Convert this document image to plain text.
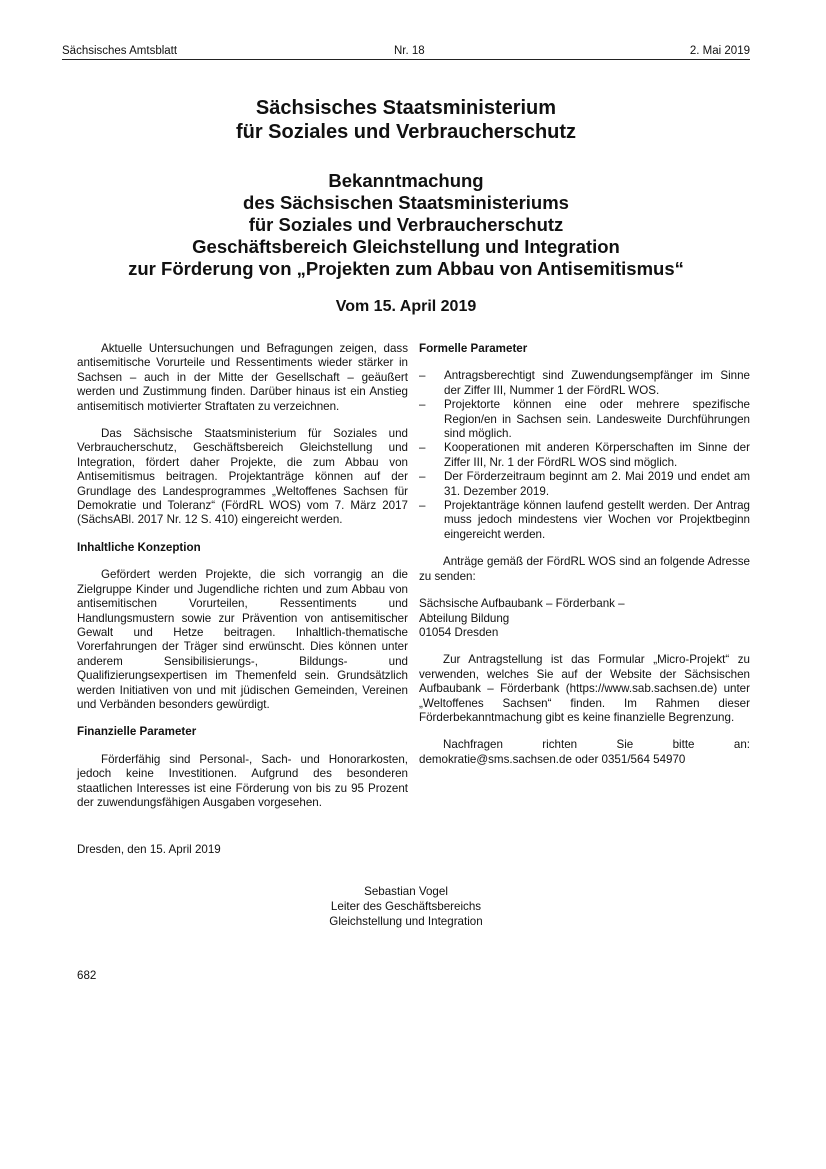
Sächsisches Amtsblatt	Nr. 18	2. Mai 2019
Sächsisches Staatsministerium
für Soziales und Verbraucherschutz
Bekanntmachung
des Sächsischen Staatsministeriums
für Soziales und Verbraucherschutz
Geschäftsbereich Gleichstellung und Integration
zur Förderung von „Projekten zum Abbau von Antisemitismus“
Vom 15. April 2019

Aktuelle Untersuchungen und Befragungen zeigen, dass antisemitische Vorurteile und Ressentiments wieder stärker in Sachsen – auch in der Mitte der Gesellschaft – geäußert werden und Zustimmung finden. Darüber hinaus ist ein Anstieg antisemitisch motivierter Straftaten zu verzeichnen.

Das Sächsische Staatsministerium für Soziales und Verbraucherschutz, Geschäftsbereich Gleichstellung und Integration, fördert daher Projekte, die zum Abbau von Antisemitismus beitragen. Projektanträge können auf der Grundlage des Landesprogrammes „Weltoffenes Sachsen für Demokratie und Toleranz“ (FördRL WOS) vom 7. März 2017 (SächsABl. 2017 Nr. 12 S. 410) eingereicht werden.

Inhaltliche Konzeption

Gefördert werden Projekte, die sich vorrangig an die Zielgruppe Kinder und Jugendliche richten und zum Abbau von antisemitischen Vorurteilen, Ressentiments und Handlungsmustern sowie zur Prävention von antisemitischer Gewalt und Hetze beitragen. Inhaltlich-thematische Vorerfahrungen der Träger sind erwünscht. Dies können unter anderem Sensibilisierungs-, Bildungs- und Qualifizierungsexpertisen im Themenfeld sein. Grundsätzlich werden Initiativen von und mit jüdischen Gemeinden, Vereinen und Verbänden besonders gewürdigt.

Finanzielle Parameter

Förderfähig sind Personal-, Sach- und Honorarkosten, jedoch keine Investitionen. Aufgrund des besonderen staatlichen Interesses ist eine Förderung von bis zu 95 Prozent der zuwendungsfähigen Ausgaben vorgesehen.

Formelle Parameter
– Antragsberechtigt sind Zuwendungsempfänger im Sinne der Ziffer III, Nummer 1 der FördRL WOS.
– Projektorte können eine oder mehrere spezifische Region/en in Sachsen sein. Landesweite Durchführungen sind möglich.
– Kooperationen mit anderen Körperschaften im Sinne der Ziffer III, Nr. 1 der FördRL WOS sind möglich.
– Der Förderzeitraum beginnt am 2. Mai 2019 und endet am 31. Dezember 2019.
– Projektanträge können laufend gestellt werden. Der Antrag muss jedoch mindestens vier Wochen vor Projektbeginn eingereicht werden.

Anträge gemäß der FördRL WOS sind an folgende Adresse zu senden:

Sächsische Aufbaubank – Förderbank –
Abteilung Bildung
01054 Dresden

Zur Antragstellung ist das Formular „Micro-Projekt“ zu verwenden, welches Sie auf der Website der Sächsischen Aufbaubank – Förderbank (https://www.sab.sachsen.de) unter „Weltoffenes Sachsen“ finden. Im Rahmen dieser Förderbekanntmachung gibt es keine finanzielle Begrenzung.

Nachfragen richten Sie bitte an: demokratie@sms.sachsen.de oder 0351/564 54970

Dresden, den 15. April 2019
Sebastian Vogel
Leiter des Geschäftsbereichs
Gleichstellung und Integration
682
